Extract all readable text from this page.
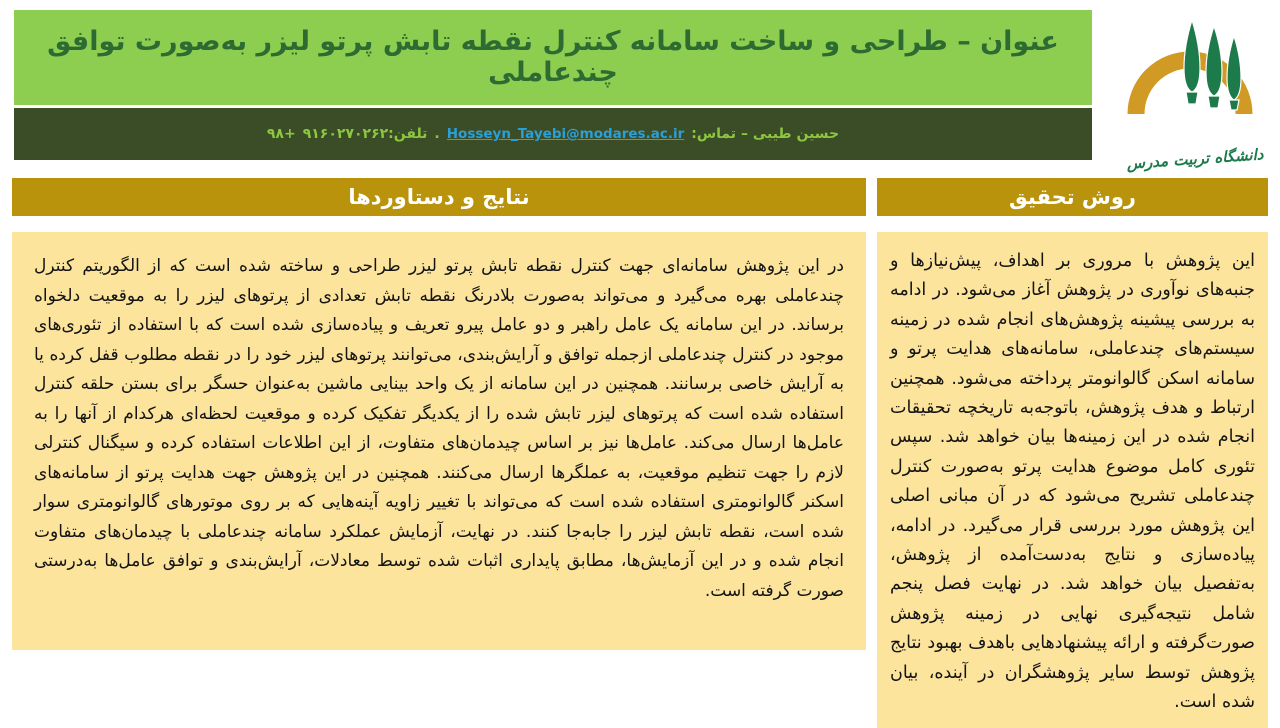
عنوان – طراحی و ساخت سامانه کنترل نقطه تابش پرتو لیزر به‌صورت توافق چندعاملی
حسین طیبی – تماس:
Hosseyn_Tayebi@modares.ac.ir
.
تلفن:۹۱۶۰۲۷۰۲۶۲
+۹۸
دانشگاه تربیت مدرس
نتایج و دستاوردها

در این پژوهش سامانه‌ای جهت کنترل نقطه تابش پرتو لیزر طراحی و ساخته شده است که از الگوریتم کنترل چندعاملی بهره می‌گیرد و می‌تواند به‌صورت بلادرنگ نقطه تابش تعدادی از پرتوهای لیزر را به موقعیت دلخواه برساند. در این سامانه یک عامل راهبر و دو عامل پیرو تعریف و پیاده‌سازی شده است که با استفاده از تئوری‌های موجود در کنترل چندعاملی ازجمله توافق و آرایش‌بندی، می‌توانند پرتوهای لیزر خود را در نقطه مطلوب قفل کرده یا به آرایش خاصی برسانند. همچنین در این سامانه از یک واحد بینایی ماشین به‌عنوان حسگر برای بستن حلقه کنترل استفاده شده است که پرتوهای لیزر تابش شده را از یکدیگر تفکیک کرده و موقعیت لحظه‌ای هرکدام از آنها را به عامل‌ها ارسال می‌کند. عامل‌ها نیز بر اساس چیدمان‌های متفاوت، از این اطلاعات استفاده کرده و سیگنال کنترلی لازم را جهت تنظیم موقعیت، به عملگرها ارسال می‌کنند. همچنین در این پژوهش جهت هدایت پرتو از سامانه‌های اسکنر گالوانومتری استفاده شده است که می‌تواند با تغییر زاویه آینه‌هایی که بر روی موتورهای گالوانومتری سوار شده است، نقطه تابش لیزر را جابه‌جا کنند. در نهایت، آزمایش عملکرد سامانه چندعاملی با چیدمان‌های متفاوت انجام شده و در این آزمایش‌ها، مطابق پایداری اثبات شده توسط معادلات، آرایش‌بندی و توافق عامل‌ها به‌درستی صورت گرفته است.

روش تحقیق

این پژوهش با مروری بر اهداف، پیش‌نیازها و جنبه‌های نوآوری در پژوهش آغاز می‌شود. در ادامه به بررسی پیشینه پژوهش‌های انجام شده در زمینه سیستم‌های چندعاملی، سامانه‌های هدایت پرتو و سامانه اسکن گالوانومتر پرداخته می‌شود. همچنین ارتباط و هدف پژوهش، باتوجه‌به تاریخچه تحقیقات انجام شده در این زمینه‌ها بیان خواهد شد. سپس تئوری کامل موضوع هدایت پرتو به‌صورت کنترل چندعاملی تشریح می‌شود که در آن مبانی اصلی این پژوهش مورد بررسی قرار می‌گیرد. در ادامه، پیاده‌سازی و نتایج به‌دست‌آمده از پژوهش، به‌تفصیل بیان خواهد شد. در نهایت فصل پنجم شامل نتیجه‌گیری نهایی در زمینه پژوهش صورت‌گرفته و ارائه پیشنهادهایی باهدف بهبود نتایج پژوهش توسط سایر پژوهشگران در آینده، بیان شده است.
